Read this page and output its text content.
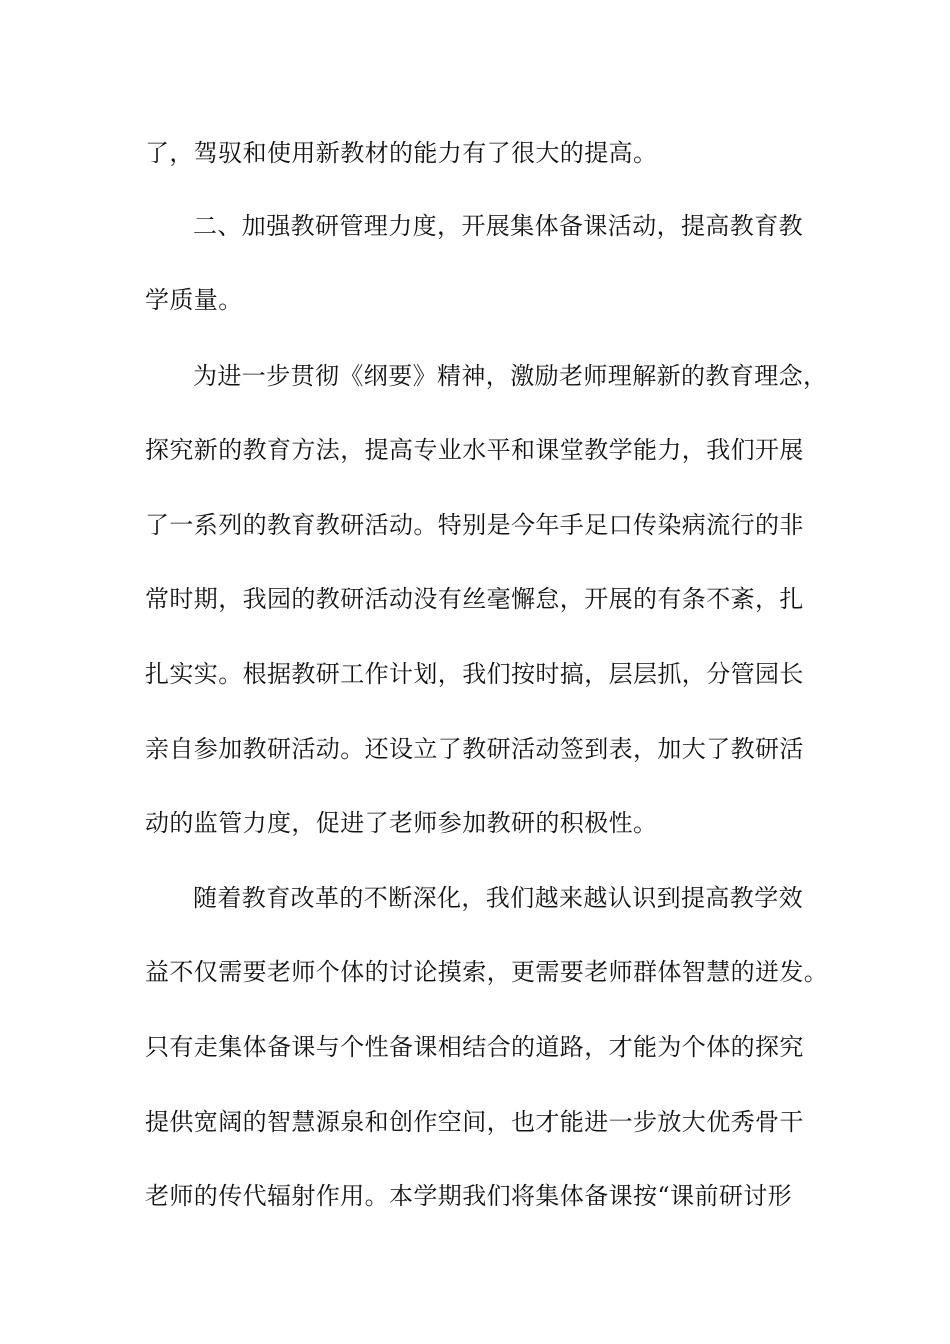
了，驾驭和使用新教材的能力有了很大的提高。
二、加强教研管理力度，开展集体备课活动，提高教育教
学质量。
为进一步贯彻《纲要》精神，激励老师理解新的教育理念，
探究新的教育方法，提高专业水平和课堂教学能力，我们开展
了一系列的教育教研活动。特别是今年手足口传染病流行的非
常时期，我园的教研活动没有丝毫懈怠，开展的有条不紊，扎
扎实实。根据教研工作计划，我们按时搞，层层抓，分管园长
亲自参加教研活动。还设立了教研活动签到表，加大了教研活
动的监管力度，促进了老师参加教研的积极性。
随着教育改革的不断深化，我们越来越认识到提高教学效
益不仅需要老师个体的讨论摸索，更需要老师群体智慧的迸发。
只有走集体备课与个性备课相结合的道路，才能为个体的探究
提供宽阔的智慧源泉和创作空间，也才能进一步放大优秀骨干
老师的传代辐射作用。本学期我们将集体备课按“课前研讨形
